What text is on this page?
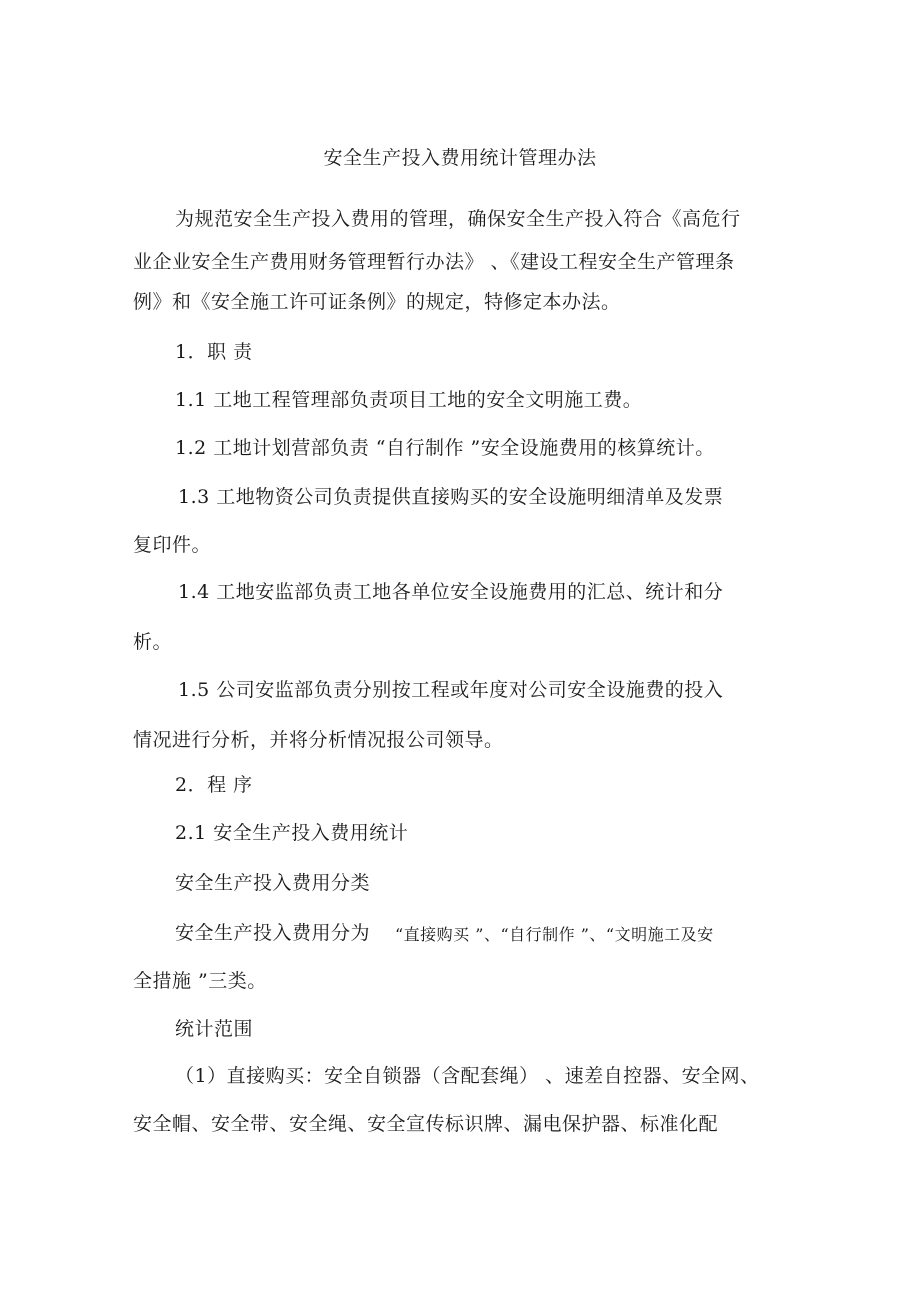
安全生产投入费用统计管理办法
为规范安全生产投入费用的管理，确保安全生产投入符合《高危行
业企业安全生产费用财务管理暂行办法》 、《建设工程安全生产管理条
例》和《安全施工许可证条例》的规定，特修定本办法。
1．职 责
1.1 工地工程管理部负责项目工地的安全文明施工费。
1.2 工地计划营部负责 “自行制作 ”安全设施费用的核算统计。
1.3 工地物资公司负责提供直接购买的安全设施明细清单及发票
复印件。
1.4 工地安监部负责工地各单位安全设施费用的汇总、统计和分
析。
1.5 公司安监部负责分别按工程或年度对公司安全设施费的投入
情况进行分析，并将分析情况报公司领导。
2．程 序
2.1 安全生产投入费用统计
安全生产投入费用分类
安全生产投入费用分为 “直接购买 ”、“自行制作 ”、“文明施工及安
全措施 ”三类。
统计范围
（1）直接购买：安全自锁器（含配套绳） 、速差自控器、安全网、
安全帽、安全带、安全绳、安全宣传标识牌、漏电保护器、标准化配
